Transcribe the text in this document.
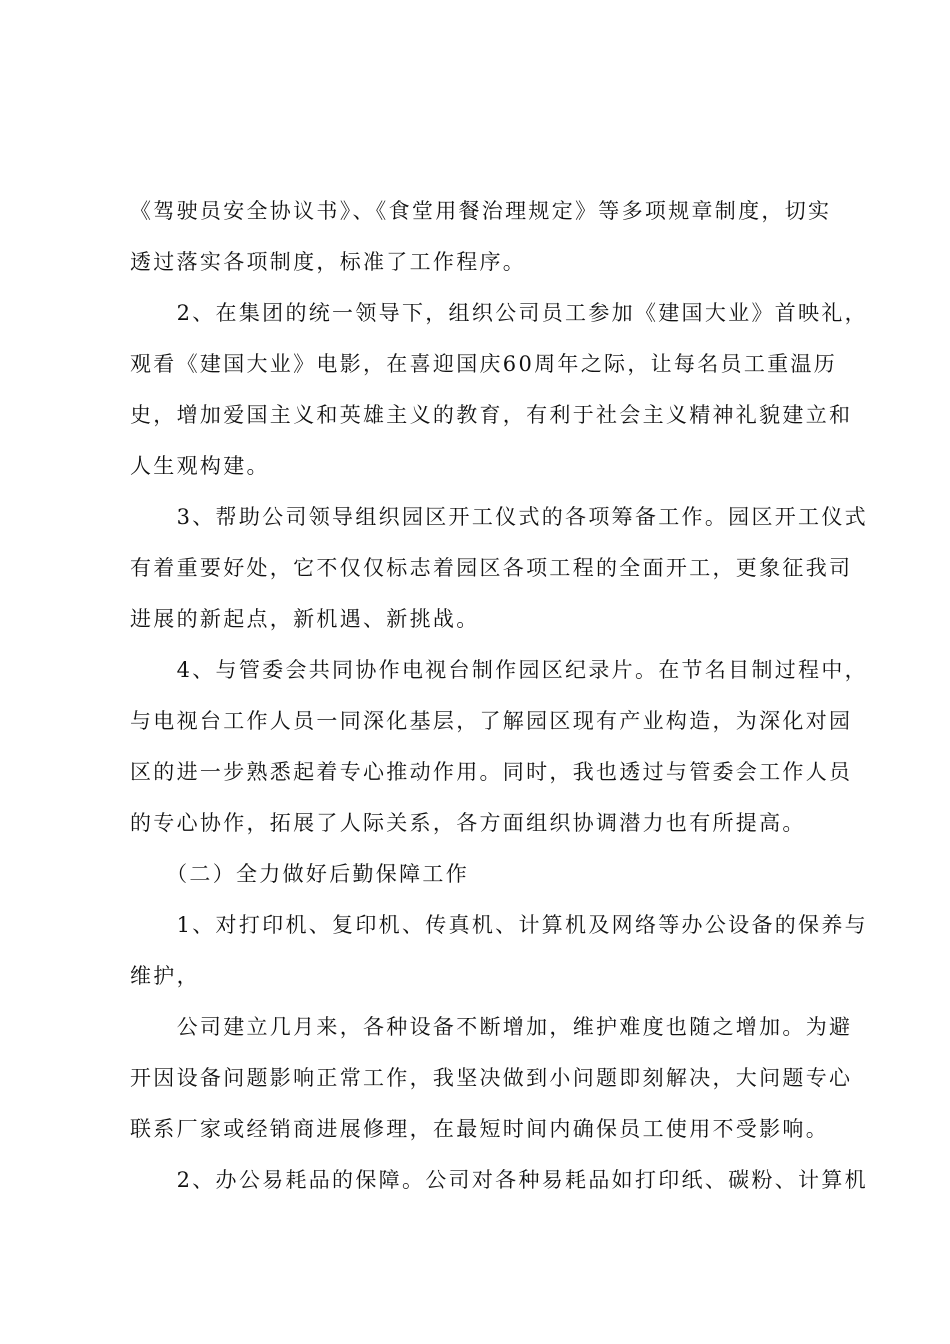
《驾驶员安全协议书》、《食堂用餐治理规定》等多项规章制度，切实
透过落实各项制度，标准了工作程序。

　　2、在集团的统一领导下，组织公司员工参加《建国大业》首映礼，
观看《建国大业》电影，在喜迎国庆60周年之际，让每名员工重温历
史，增加爱国主义和英雄主义的教育，有利于社会主义精神礼貌建立和
人生观构建。

　　3、帮助公司领导组织园区开工仪式的各项筹备工作。园区开工仪式
有着重要好处，它不仅仅标志着园区各项工程的全面开工，更象征我司
进展的新起点，新机遇、新挑战。

　　4、与管委会共同协作电视台制作园区纪录片。在节名目制过程中，
与电视台工作人员一同深化基层，了解园区现有产业构造，为深化对园
区的进一步熟悉起着专心推动作用。同时，我也透过与管委会工作人员
的专心协作，拓展了人际关系，各方面组织协调潜力也有所提高。

　　（二）全力做好后勤保障工作

　　1、对打印机、复印机、传真机、计算机及网络等办公设备的保养与
维护，

　　公司建立几月来，各种设备不断增加，维护难度也随之增加。为避
开因设备问题影响正常工作，我坚决做到小问题即刻解决，大问题专心
联系厂家或经销商进展修理，在最短时间内确保员工使用不受影响。

　　2、办公易耗品的保障。公司对各种易耗品如打印纸、碳粉、计算机
